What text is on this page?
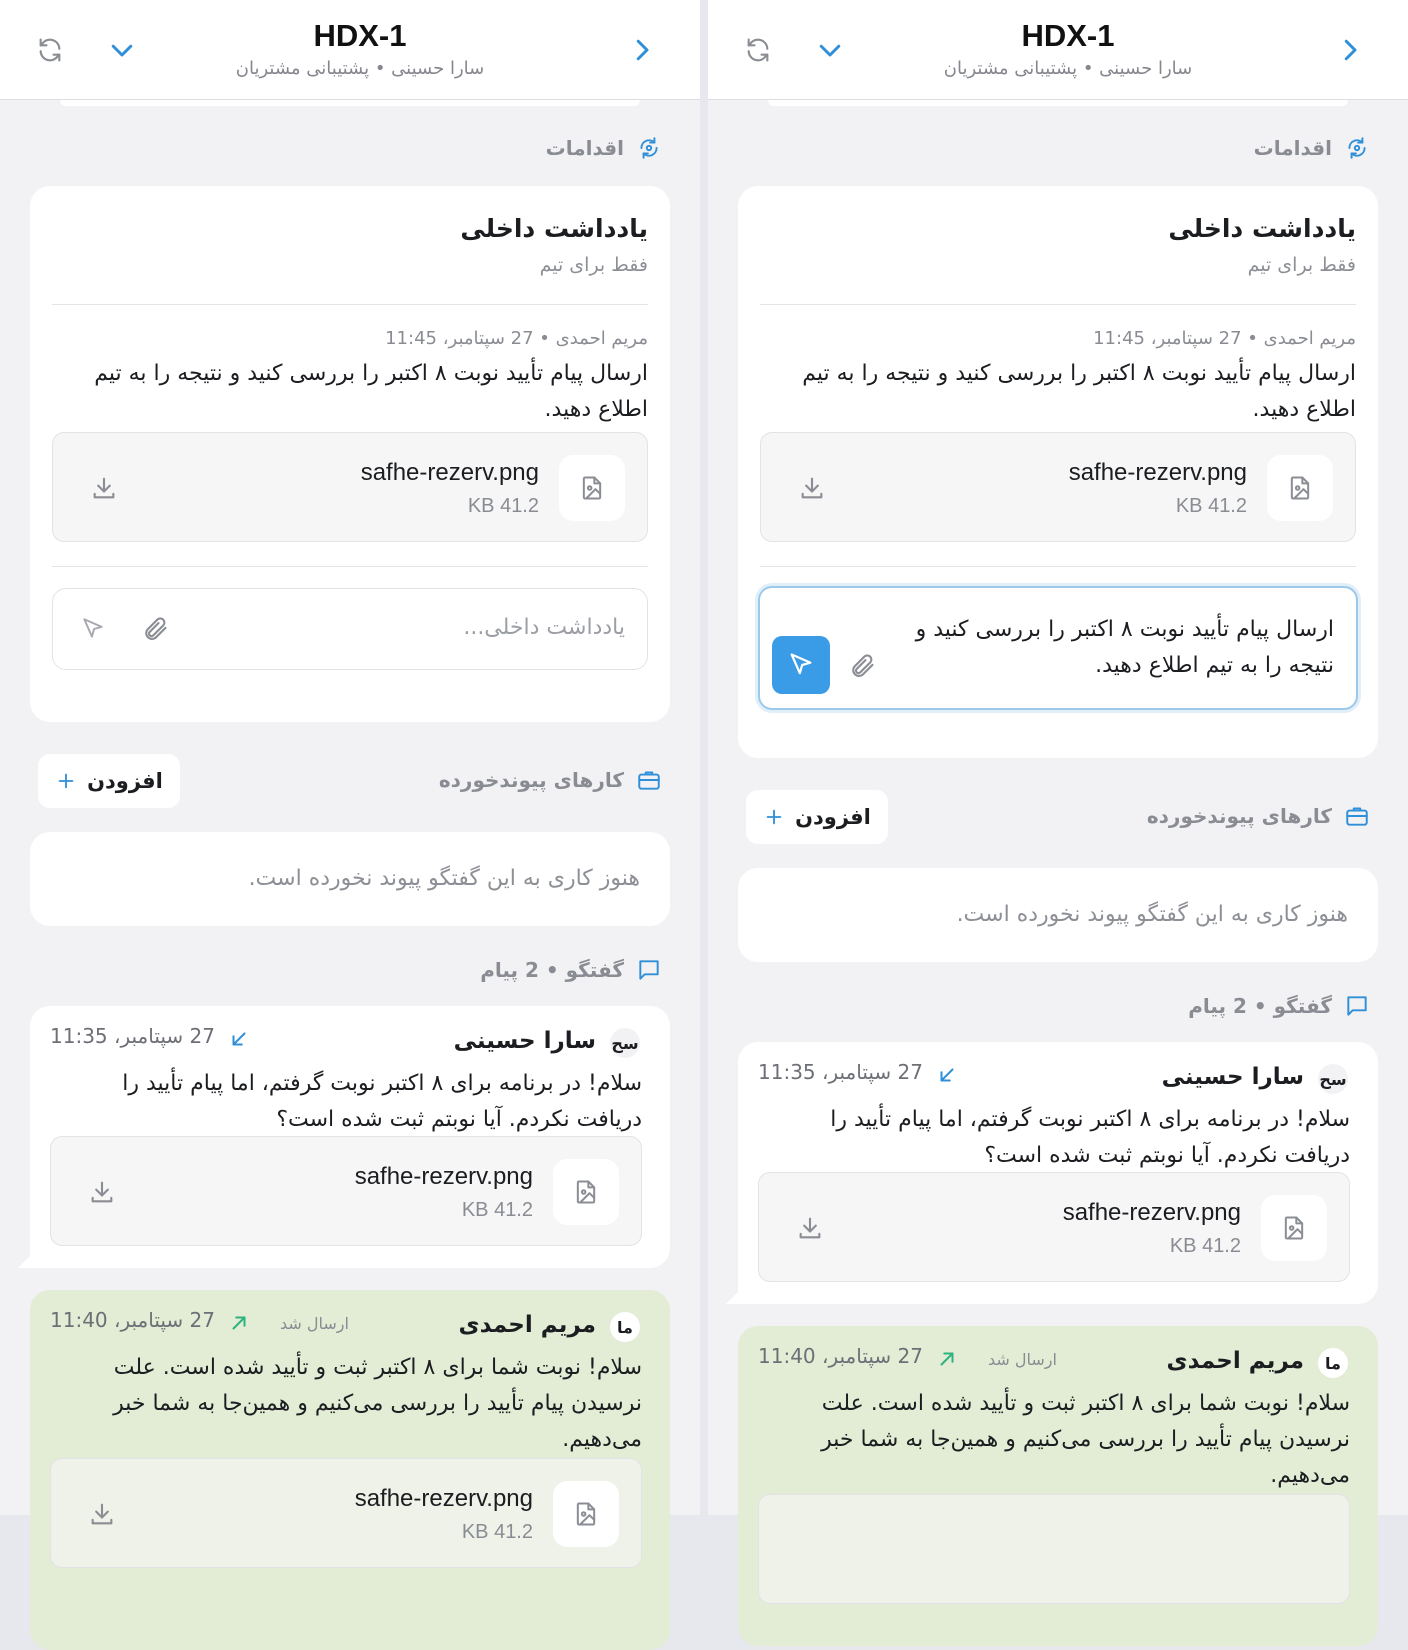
HDX-1
سارا حسینی • پشتیبانی مشتریان
اقدامات
یادداشت داخلی
فقط برای تیم
مریم احمدی • 27 سپتامبر، 11:45
ارسال پیام تأیید نوبت ۸ اکتبر را بررسی کنید و نتیجه را به تیم اطلاع دهید.
safhe-rezerv.png
KB 41.2
یادداشت داخلی...
کارهای پیوندخورده
افزودن
هنوز کاری به این گفتگو پیوند نخورده است.
گفتگو • 2 پیام
سح
سارا حسینی
27 سپتامبر، 11:35
سلام! در برنامه برای ۸ اکتبر نوبت گرفتم، اما پیام تأیید را دریافت نکردم. آیا نوبتم ثبت شده است؟
safhe-rezerv.png
KB 41.2
ما
مریم احمدی
ارسال شد
27 سپتامبر، 11:40
سلام! نوبت شما برای ۸ اکتبر ثبت و تأیید شده است. علت نرسیدن پیام تأیید را بررسی می‌کنیم و همین‌جا به شما خبر می‌دهیم.
safhe-rezerv.png
KB 41.2
HDX-1
سارا حسینی • پشتیبانی مشتریان
اقدامات
یادداشت داخلی
فقط برای تیم
مریم احمدی • 27 سپتامبر، 11:45
ارسال پیام تأیید نوبت ۸ اکتبر را بررسی کنید و نتیجه را به تیم اطلاع دهید.
safhe-rezerv.png
KB 41.2
ارسال پیام تأیید نوبت ۸ اکتبر را بررسی کنید و نتیجه را به تیم اطلاع دهید.
کارهای پیوندخورده
افزودن
هنوز کاری به این گفتگو پیوند نخورده است.
گفتگو • 2 پیام
سح
سارا حسینی
27 سپتامبر، 11:35
سلام! در برنامه برای ۸ اکتبر نوبت گرفتم، اما پیام تأیید را دریافت نکردم. آیا نوبتم ثبت شده است؟
safhe-rezerv.png
KB 41.2
ما
مریم احمدی
ارسال شد
27 سپتامبر، 11:40
سلام! نوبت شما برای ۸ اکتبر ثبت و تأیید شده است. علت نرسیدن پیام تأیید را بررسی می‌کنیم و همین‌جا به شما خبر می‌دهیم.
